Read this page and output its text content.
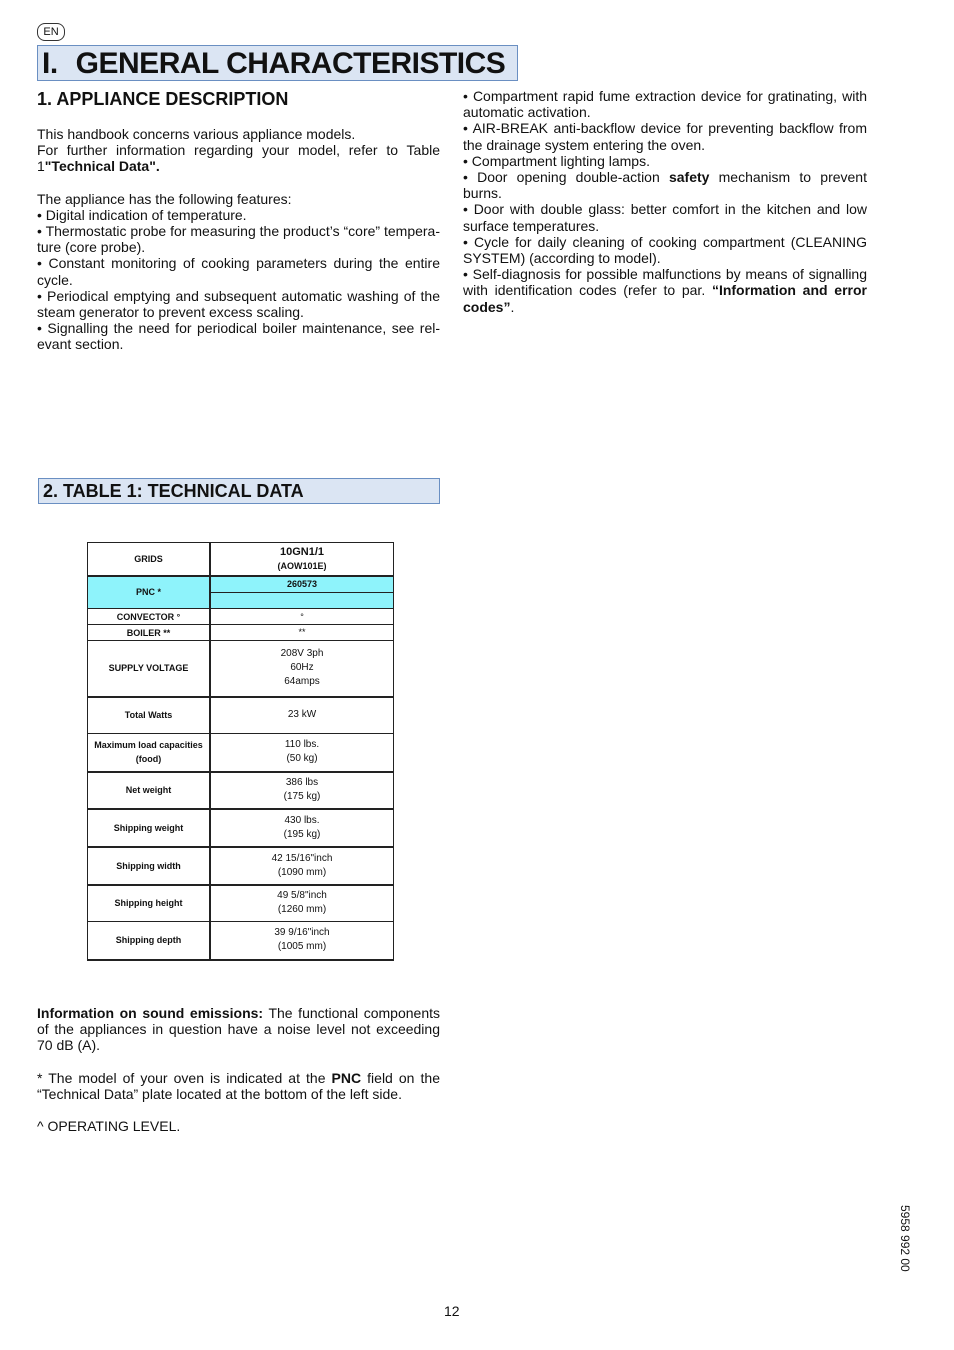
EN
I. GENERAL CHARACTERISTICS
1. APPLIANCE DESCRIPTION

This handbook concerns various appliance models.

For further information regarding your model, refer to Table 1"Technical Data".

The appliance has the following features:

• Digital indication of temperature.

• Thermostatic probe for measuring the product’s “core” tempera-ture (core probe).

• Constant monitoring of cooking parameters during the entire cycle.

• Periodical emptying and subsequent automatic washing of the steam generator to prevent excess scaling.

• Signalling the need for periodical boiler maintenance, see rel-evant section.

• Compartment rapid fume extraction device for gratinating, with automatic activation.

• AIR-BREAK anti-backflow device for preventing backflow from the drainage system entering the oven.

• Compartment lighting lamps.

• Door opening double-action safety mechanism to prevent burns.

• Door with double glass: better comfort in the kitchen and low surface temperatures.

• Cycle for daily cleaning of cooking compartment (CLEANING SYSTEM) (according to model).

• Self-diagnosis for possible malfunctions by means of signalling with identification codes (refer to par. “Information and error codes”.

2. TABLE 1: TECHNICAL DATA
GRIDS	10GN1/1
(AOW101E)

PNC *	260573

CONVECTOR °	°
BOILER **	**
SUPPLY VOLTAGE	208V 3ph
60Hz
64amps

Total Watts	23 kW

Maximum load capacities (food)	110 lbs.
(50 kg)

Net weight	386 lbs
(175 kg)

Shipping weight	430 lbs.
(195 kg)

Shipping width	42 15/16"inch
(1090 mm)

Shipping height	49 5/8"inch
(1260 mm)

Shipping depth	39 9/16"inch
(1005 mm)

Information on sound emissions: The functional components of the appliances in question have a noise level not exceeding 70 dB (A).

* The model of your oven is indicated at the PNC field on the “Technical Data” plate located at the bottom of the left side.

^ OPERATING LEVEL.

5958 992 00
12
